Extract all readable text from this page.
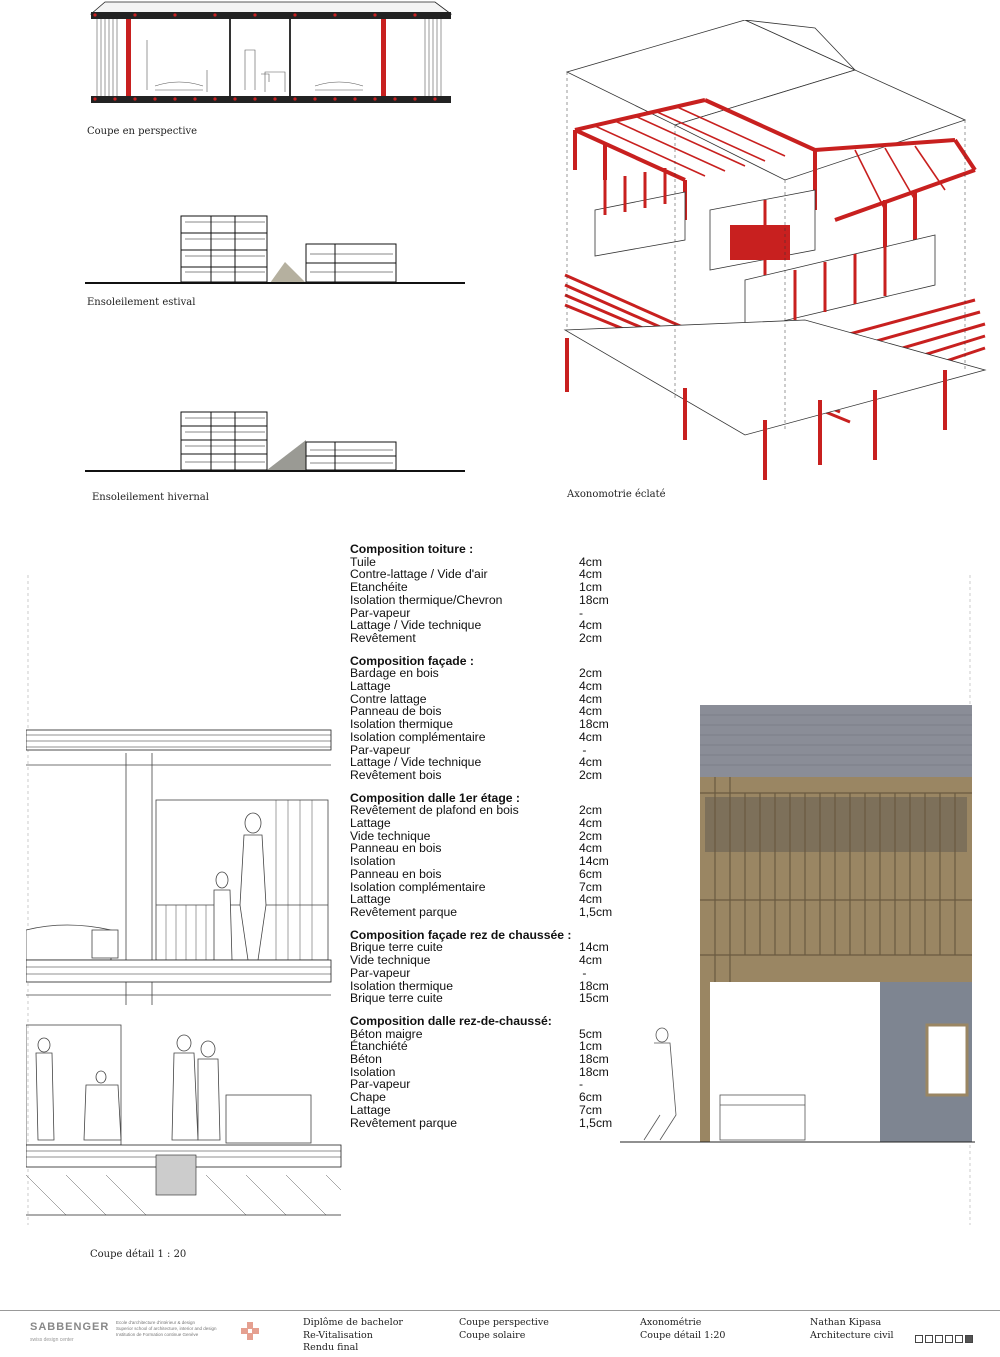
Coupe en perspective
Ensoleilement estival
Ensoleilement hivernal	Axonomotrie éclaté
Composition toiture :
Tuile	4cm
Contre-lattage / Vide d'air	4cm
Etanchéite	1cm
Isolation thermique/Chevron	18cm
Par-vapeur	-
Lattage / Vide technique	4cm
Revêtement	2cm
Composition façade :
Bardage en bois	2cm
Lattage	4cm
Contre lattage	4cm
Panneau de bois	4cm
Isolation thermique	18cm
Isolation complémentaire	4cm
Par-vapeur	-
Lattage / Vide technique	4cm
Revêtement bois	2cm
Composition dalle 1er étage :
Revêtement de plafond en bois	2cm
Lattage	4cm
Vide technique	2cm
Panneau en bois	4cm
Isolation	14cm
Panneau en bois	6cm
Isolation complémentaire	7cm
Lattage	4cm
Revêtement parque	1,5cm
Composition façade rez de chaussée :
Brique terre cuite	14cm
Vide technique	4cm
Par-vapeur	-
Isolation thermique	18cm
Brique terre cuite	15cm
Composition dalle rez-de-chaussé:
Béton maigre	5cm
Étanchiété	1cm
Béton	18cm
Isolation	18cm
Par-vapeur	-
Chape	6cm
Lattage	7cm
Revêtement parque	1,5cm
Coupe détail 1 : 20
SABBENGER
swiss design center
Ecole d'architecture d'intérieur & design
Superior school of architecture, interior and design
Institution de Formation continue Genève
Diplôme de bachelor
Re-Vitalisation
Rendu final
Coupe perspective
Coupe solaire
Axonométrie
Coupe détail 1:20
Nathan Kipasa
Architecture civil
